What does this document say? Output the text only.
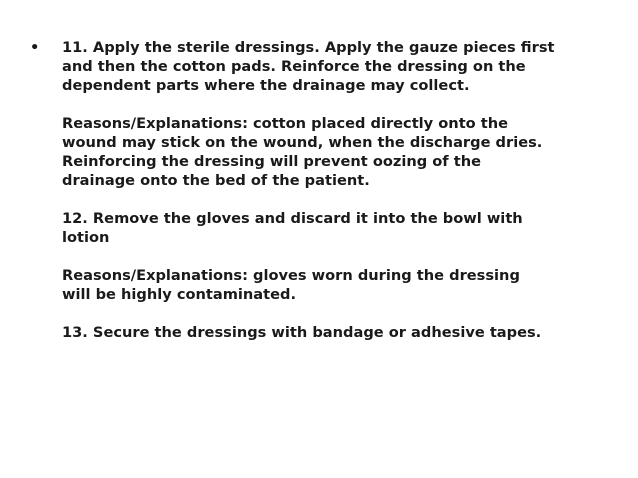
•	11. Apply the sterile dressings. Apply the gauze pieces first
and then the cotton pads. Reinforce the dressing on the
dependent parts where the drainage may collect.

Reasons/Explanations: cotton placed directly onto the
wound may stick on the wound, when the discharge dries.
Reinforcing the dressing will prevent oozing of the
drainage onto the bed of the patient.

12. Remove the gloves and discard it into the bowl with
lotion

Reasons/Explanations: gloves worn during the dressing
will be highly contaminated.

13. Secure the dressings with bandage or adhesive tapes.
